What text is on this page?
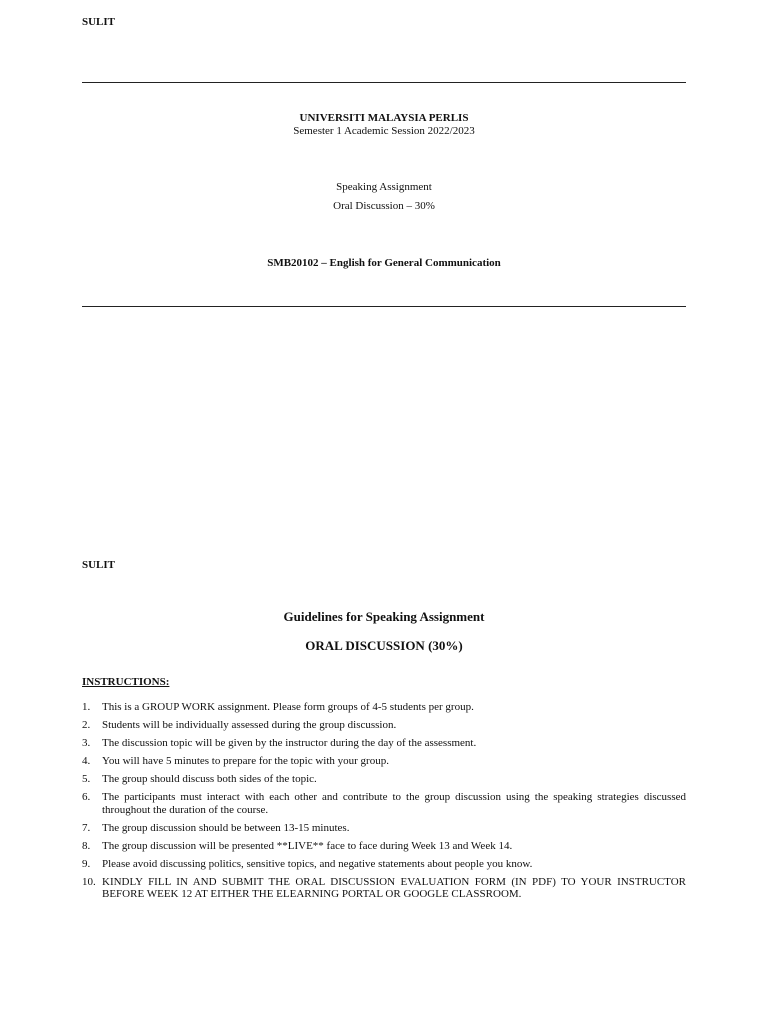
SULIT
UNIVERSITI MALAYSIA PERLIS
Semester 1 Academic Session 2022/2023
Speaking Assignment
Oral Discussion – 30%
SMB20102 – English for General Communication
SULIT
Guidelines for Speaking Assignment
ORAL DISCUSSION (30%)
INSTRUCTIONS:
1.	This is a GROUP WORK assignment. Please form groups of 4-5 students per group.
2.	Students will be individually assessed during the group discussion.
3.	The discussion topic will be given by the instructor during the day of the assessment.
4.	You will have 5 minutes to prepare for the topic with your group.
5.	The group should discuss both sides of the topic.
6.	The participants must interact with each other and contribute to the group discussion using the speaking strategies discussed throughout the duration of the course.
7.	The group discussion should be between 13-15 minutes.
8.	The group discussion will be presented **LIVE** face to face during Week 13 and Week 14.
9.	Please avoid discussing politics, sensitive topics, and negative statements about people you know.
10. KINDLY FILL IN AND SUBMIT THE ORAL DISCUSSION EVALUATION FORM (IN PDF) TO YOUR INSTRUCTOR BEFORE WEEK 12 AT EITHER THE ELEARNING PORTAL OR GOOGLE CLASSROOM.
